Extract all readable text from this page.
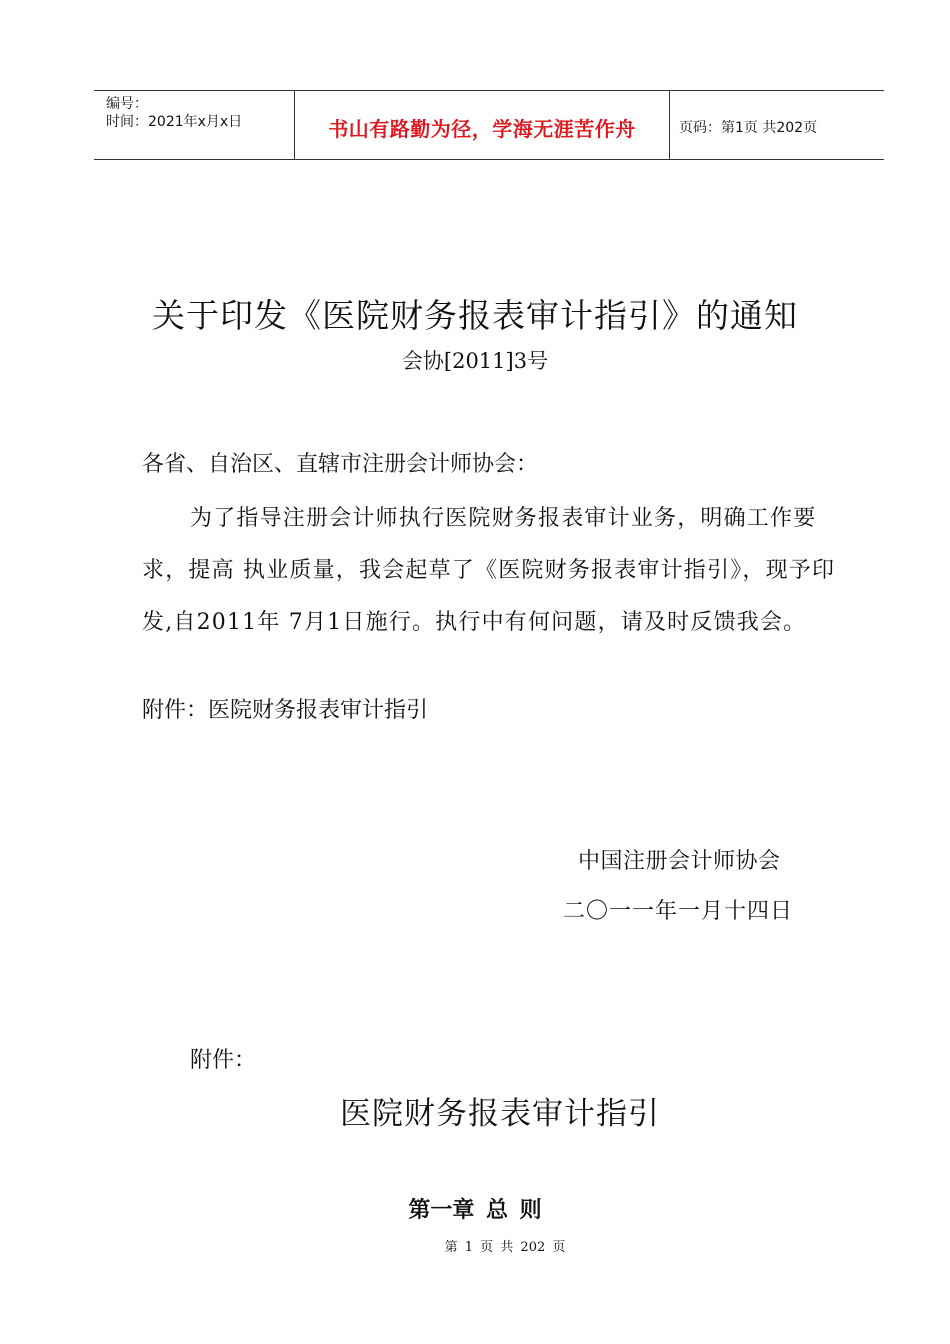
编号：
时间：2021年x月x日	书山有路勤为径，学海无涯苦作舟	页码：第1页 共202页
关于印发《医院财务报表审计指引》的通知
会协[2011]3号
各省、自治区、直辖市注册会计师协会：
为了指导注册会计师执行医院财务报表审计业务，明确工作要求，提高 执业质量，我会起草了《医院财务报表审计指引》，现予印发,自2011年 7月1日施行。执行中有何问题，请及时反馈我会。
附件：医院财务报表审计指引
中国注册会计师协会
二〇一一年一月十四日
附件：
医院财务报表审计指引
第一章 总 则
第 1 页 共 202 页
